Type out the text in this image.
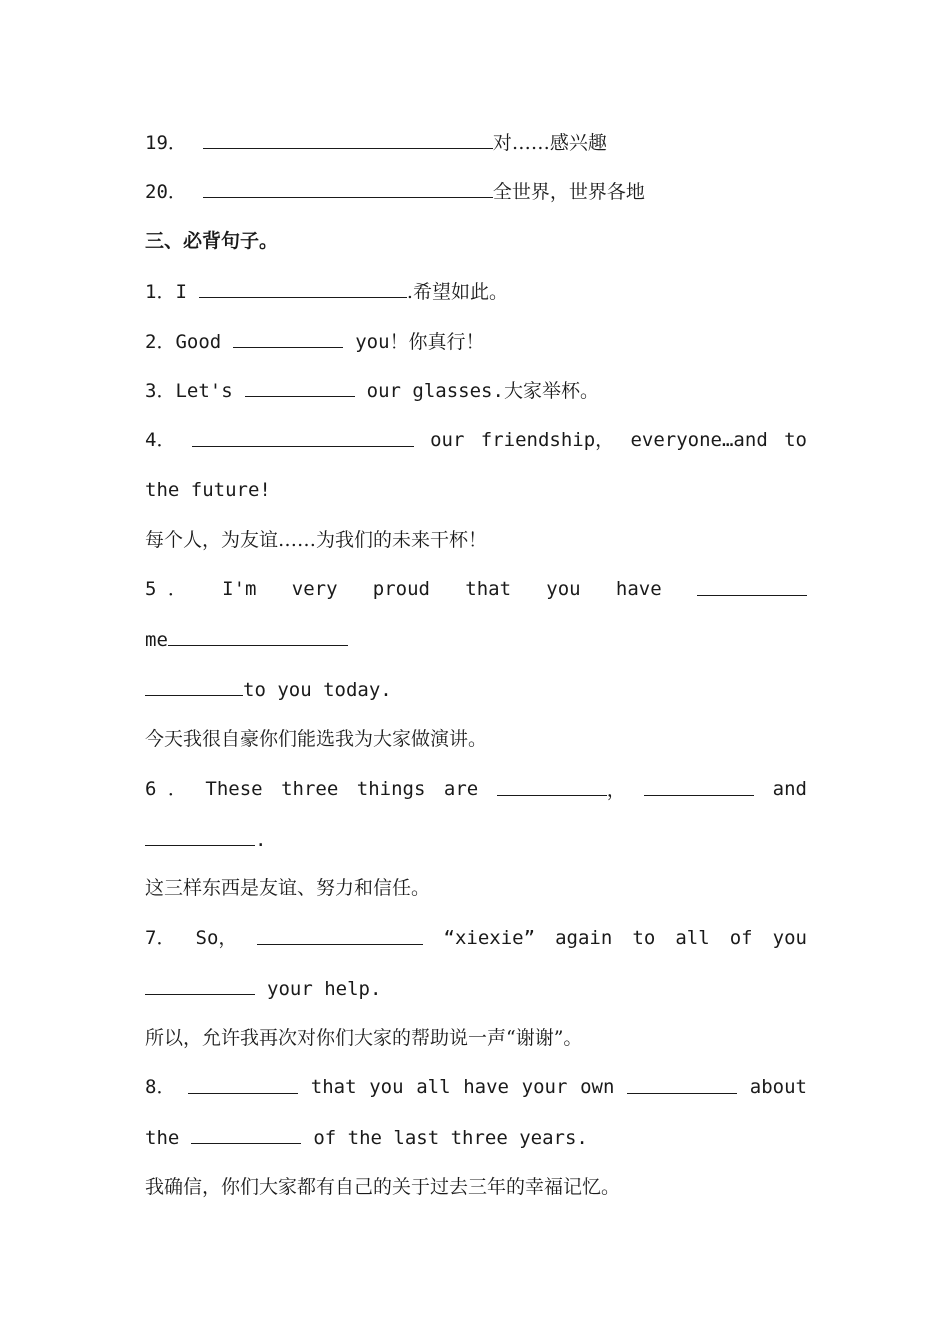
19．	对……感兴趣
20．	全世界，世界各地
三、必背句子。
1．I	.希望如此。
2．Good	you！你真行！
3．Let's	our glasses.大家举杯。
4．	our friendship， everyone…and to
the future!
每个人，为友谊……为我们的未来干杯！
5 ． I'm very proud that you have
me
to you today.
今天我很自豪你们能选我为大家做演讲。
6 ． These three things are	，	and
.
这三样东西是友谊、努力和信任。
7． So，	“xiexie” again to all of you
your help.
所以，允许我再次对你们大家的帮助说一声“谢谢”。
8．	that you all have your own	about
the	of the last three years.
我确信，你们大家都有自己的关于过去三年的幸福记忆。
